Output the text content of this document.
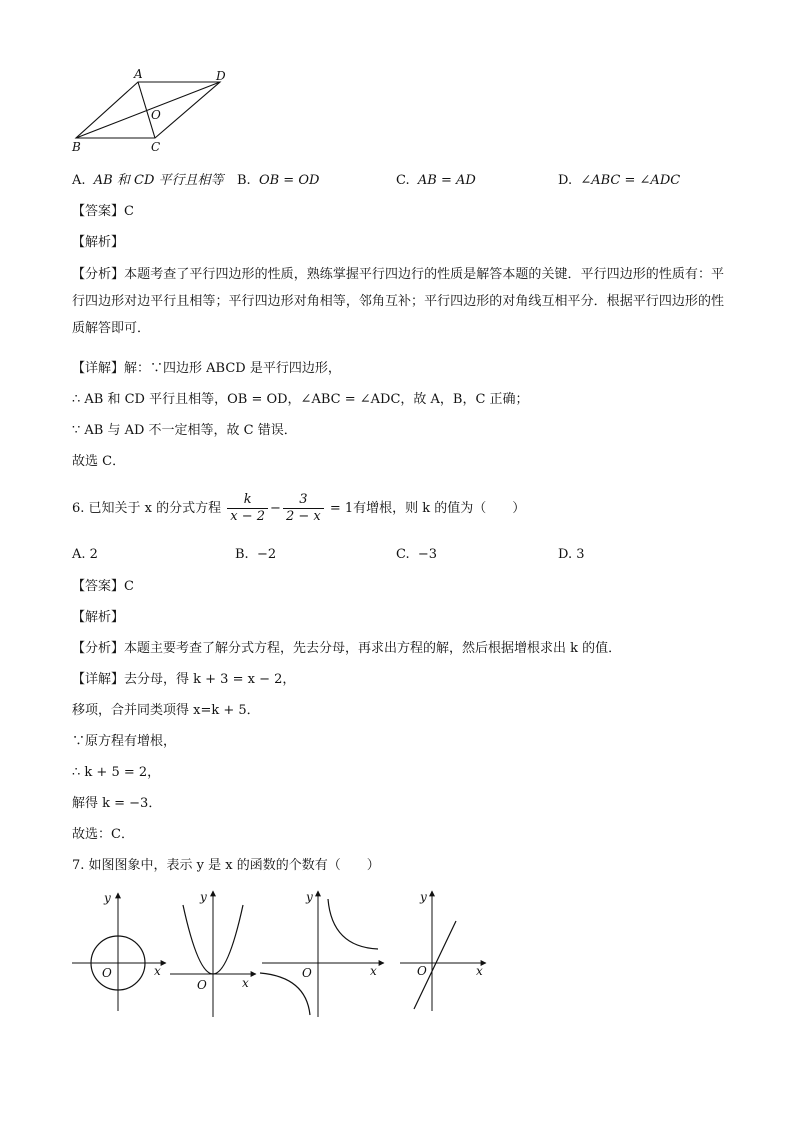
A	D
O
B	C
A. AB 和 CD 平行且相等 B. OB = OD	C. AB = AD	D. ∠ABC = ∠ADC
【答案】C
【解析】
【分析】本题考查了平行四边形的性质，熟练掌握平行四边行的性质是解答本题的关键．平行四边形的性质有：平行四边形对边平行且相等；平行四边形对角相等，邻角互补；平行四边形的对角线互相平分．根据平行四边形的性质解答即可．
【详解】解：∵四边形 ABCD 是平行四边形，
∴ AB 和 CD 平行且相等，OB = OD，∠ABC = ∠ADC，故 A，B，C 正确；
∵ AB 与 AD 不一定相等，故 C 错误．
故选 C．
6. 已知关于 x 的分式方程 $\frac{k}{x - 2} - \frac{3}{2 - x} = 1$有增根，则 k 的值为（　　）
A. 2	B. −2	C. −3	D. 3
【答案】C
【解析】
【分析】本题主要考查了解分式方程，先去分母，再求出方程的解，然后根据增根求出 k 的值．
【详解】去分母，得 k + 3 = x − 2，
移项，合并同类项得 x=k + 5．
∵原方程有增根，
∴ k + 5 = 2，
解得 k = −3．
故选：C．
7. 如图图象中，表示 y 是 x 的函数的个数有（　　）
y
x
O
y
x
O
y
x
O
y
x
O
